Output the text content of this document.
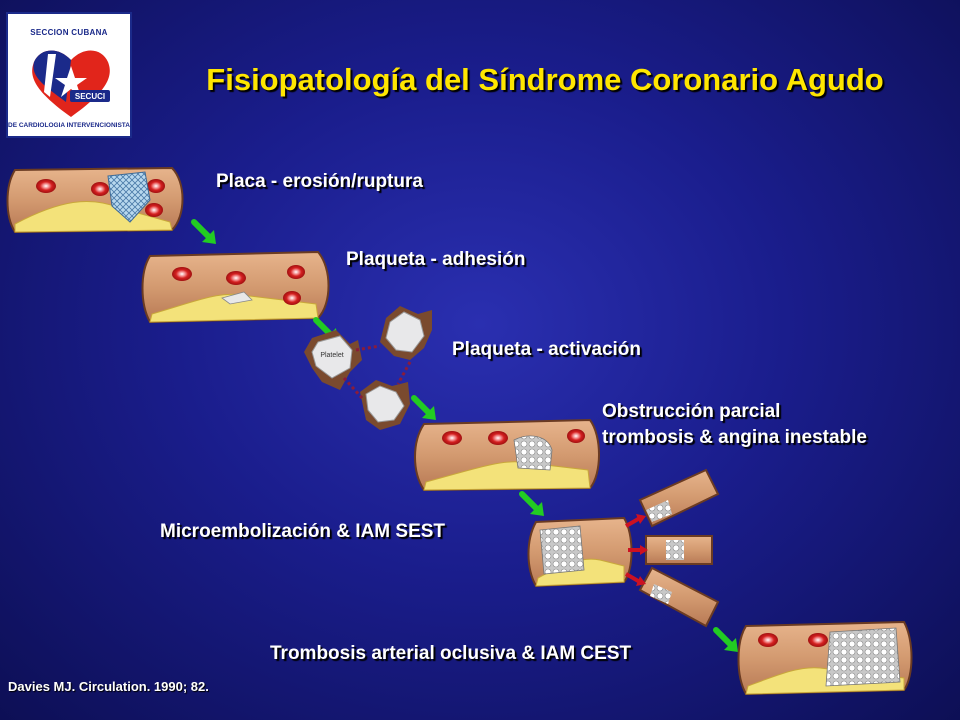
SECCION CUBANA
SECUCI
DE CARDIOLOGIA INTERVENCIONISTA
Fisiopatología del Síndrome Coronario Agudo
Platelet
Placa - erosión/ruptura
Plaqueta - adhesión
Plaqueta - activación
Obstrucción parcial
trombosis & angina inestable
Microembolización & IAM SEST
Trombosis arterial oclusiva & IAM CEST
Davies MJ. Circulation. 1990; 82.
